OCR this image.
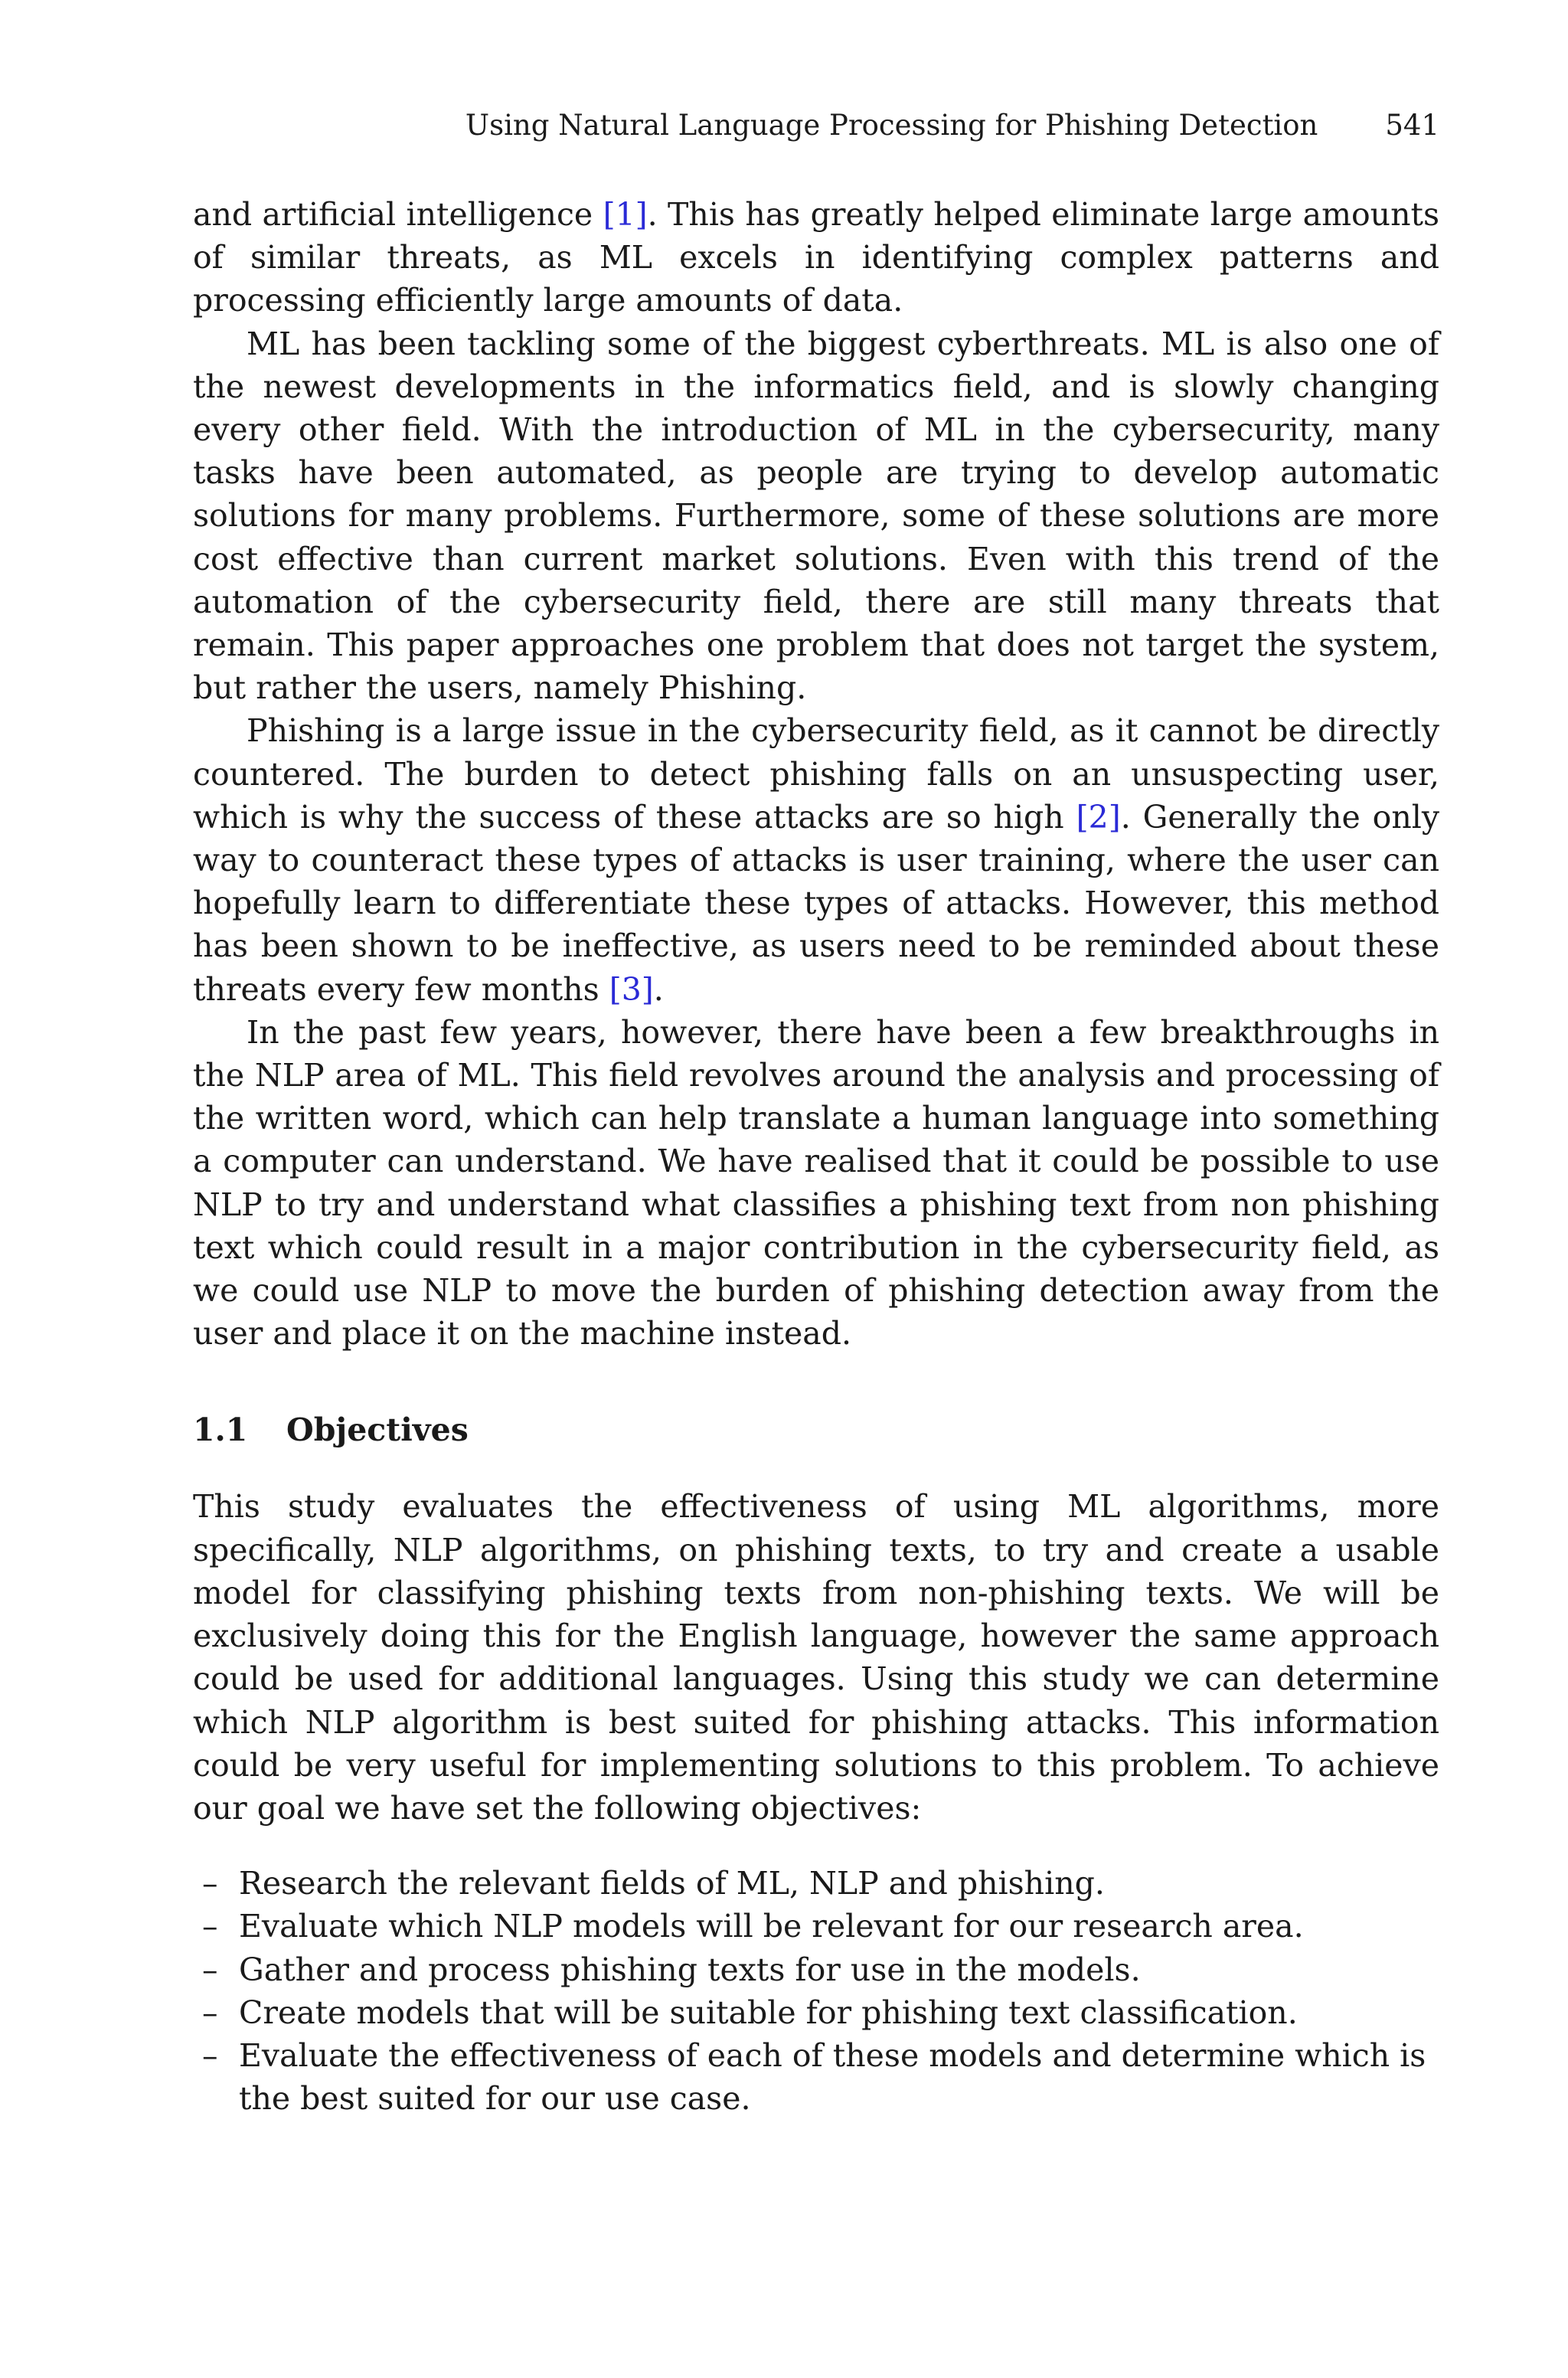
Using Natural Language Processing for Phishing Detection 541

and artificial intelligence [1]. This has greatly helped eliminate large amounts of similar threats, as ML excels in identifying complex patterns and processing efficiently large amounts of data.

ML has been tackling some of the biggest cyberthreats. ML is also one of the newest developments in the informatics field, and is slowly changing every other field. With the introduction of ML in the cybersecurity, many tasks have been automated, as people are trying to develop automatic solutions for many problems. Furthermore, some of these solutions are more cost effective than current market solutions. Even with this trend of the automation of the cybersecurity field, there are still many threats that remain. This paper approaches one problem that does not target the system, but rather the users, namely Phishing.

Phishing is a large issue in the cybersecurity field, as it cannot be directly countered. The burden to detect phishing falls on an unsuspecting user, which is why the success of these attacks are so high [2]. Generally the only way to counteract these types of attacks is user training, where the user can hopefully learn to differentiate these types of attacks. However, this method has been shown to be ineffective, as users need to be reminded about these threats every few months [3].

In the past few years, however, there have been a few breakthroughs in the NLP area of ML. This field revolves around the analysis and processing of the written word, which can help translate a human language into something a computer can understand. We have realised that it could be possible to use NLP to try and understand what classifies a phishing text from non phishing text which could result in a major contribution in the cybersecurity field, as we could use NLP to move the burden of phishing detection away from the user and place it on the machine instead.

1.1 Objectives

This study evaluates the effectiveness of using ML algorithms, more specifically, NLP algorithms, on phishing texts, to try and create a usable model for classifying phishing texts from non-phishing texts. We will be exclusively doing this for the English language, however the same approach could be used for additional languages. Using this study we can determine which NLP algorithm is best suited for phishing attacks. This information could be very useful for implementing solutions to this problem. To achieve our goal we have set the following objectives:

– Research the relevant fields of ML, NLP and phishing.
– Evaluate which NLP models will be relevant for our research area.
– Gather and process phishing texts for use in the models.
– Create models that will be suitable for phishing text classification.
– Evaluate the effectiveness of each of these models and determine which is the best suited for our use case.
